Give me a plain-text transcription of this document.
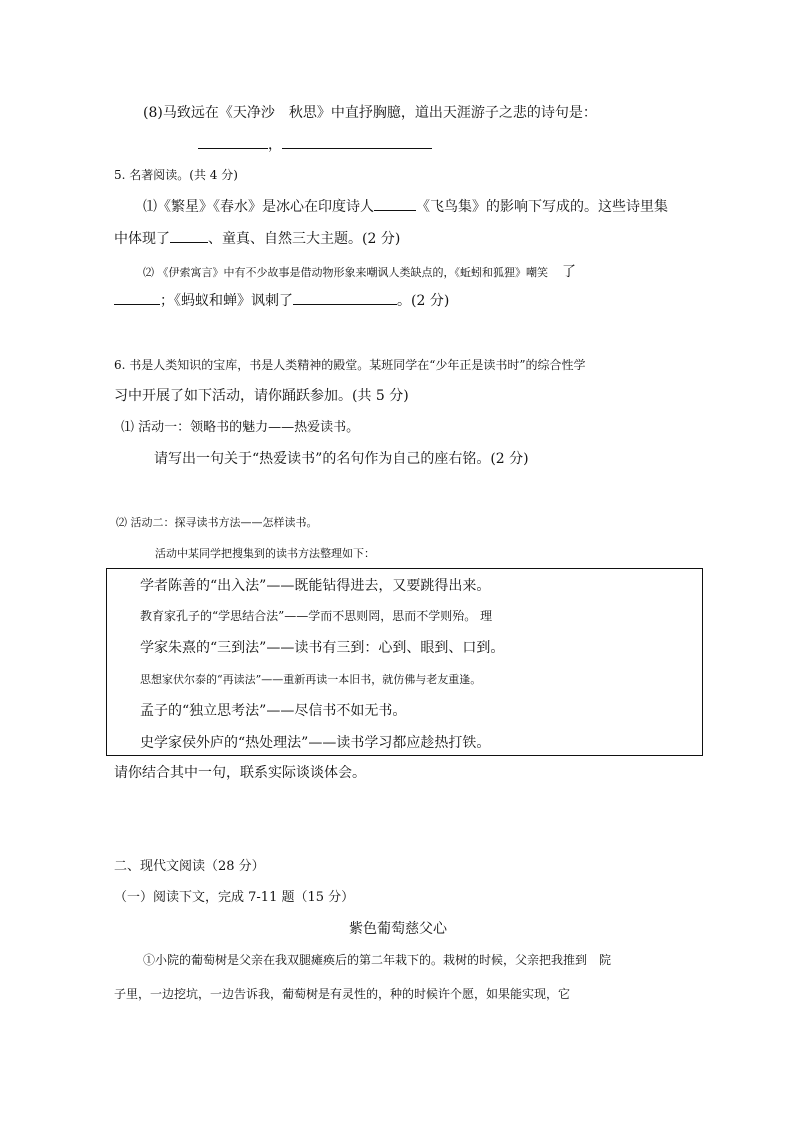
(8)马致远在《天净沙　秋思》中直抒胸臆，道出天涯游子之悲的诗句是：
，
5. 名著阅读。(共 4 分)
⑴《繁星》《春水》是冰心在印度诗人	《飞鸟集》的影响下写成的。这些诗里集
中体现了	、童真、自然三大主题。(2 分)
⑵ 《伊索寓言》中有不少故事是借动物形象来嘲讽人类缺点的，《蚯蚓和狐狸》嘲笑 了
；《蚂蚁和蝉》讽刺了	。(2 分)
6. 书是人类知识的宝库，书是人类精神的殿堂。某班同学在“少年正是读书时”的综合性学
习中开展了如下活动，请你踊跃参加。(共 5 分)
⑴ 活动一：领略书的魅力——热爱读书。
请写出一句关于“热爱读书”的名句作为自己的座右铭。(2 分)
⑵ 活动二：探寻读书方法——怎样读书。
活动中某同学把搜集到的读书方法整理如下：
学者陈善的“出入法”——既能钻得进去，又要跳得出来。
教育家孔子的“学思结合法”——学而不思则罔，思而不学则殆。 理
学家朱熹的“三到法”——读书有三到：心到、眼到、口到。
思想家伏尔泰的“再读法”——重新再读一本旧书，就仿佛与老友重逢。
孟子的“独立思考法”——尽信书不如无书。
史学家侯外庐的“热处理法”——读书学习都应趁热打铁。
请你结合其中一句，联系实际谈谈体会。
二、现代文阅读（28 分）
（一）阅读下文，完成 7-11 题（15 分）
紫色葡萄慈父心
①小院的葡萄树是父亲在我双腿瘫痪后的第二年栽下的。栽树的时候，父亲把我推到　院
子里，一边挖坑，一边告诉我，葡萄树是有灵性的，种的时候许个愿，如果能实现，它
